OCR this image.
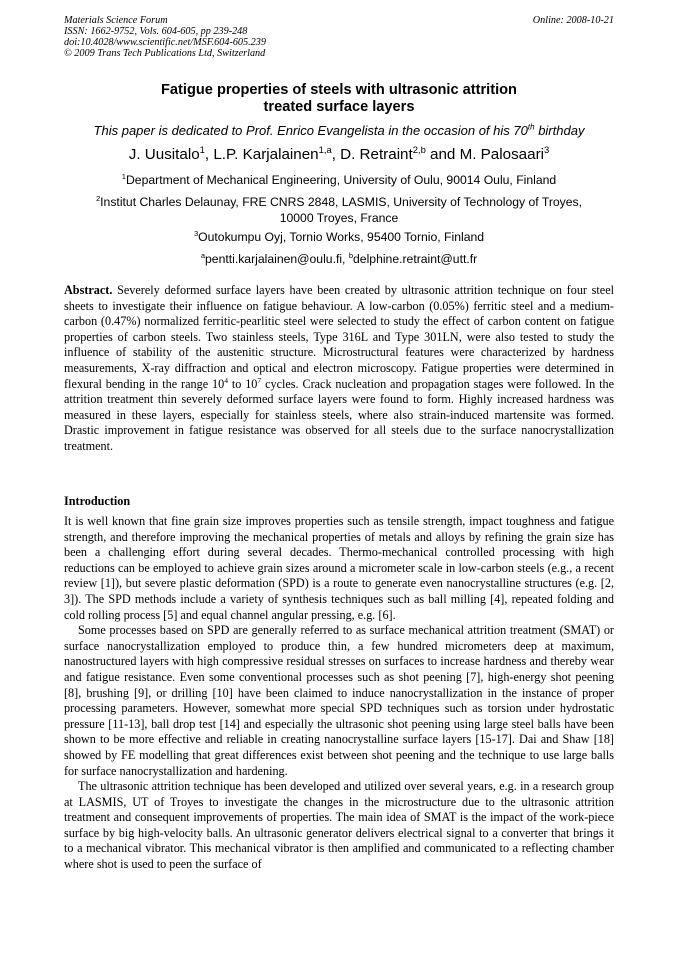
Materials Science Forum
ISSN: 1662-9752, Vols. 604-605, pp 239-248
doi:10.4028/www.scientific.net/MSF.604-605.239
© 2009 Trans Tech Publications Ltd, Switzerland
Online: 2008-10-21
Fatigue properties of steels with ultrasonic attrition
treated surface layers
This paper is dedicated to Prof. Enrico Evangelista in the occasion of his 70th birthday
J. Uusitalo$^1$, L.P. Karjalainen$^{1,a}$, D. Retraint$^{2,b}$ and M. Palosaari$^3$
$^1$Department of Mechanical Engineering, University of Oulu, 90014 Oulu, Finland
$^2$Institut Charles Delaunay, FRE CNRS 2848, LASMIS, University of Technology of Troyes,
10000 Troyes, France
$^3$Outokumpu Oyj, Tornio Works, 95400 Tornio, Finland
$^a$pentti.karjalainen@oulu.fi, $^b$delphine.retraint@utt.fr
Abstract. Severely deformed surface layers have been created by ultrasonic attrition technique on four steel sheets to investigate their influence on fatigue behaviour. A low-carbon (0.05%) ferritic steel and a medium-carbon (0.47%) normalized ferritic-pearlitic steel were selected to study the effect of carbon content on fatigue properties of carbon steels. Two stainless steels, Type 316L and Type 301LN, were also tested to study the influence of stability of the austenitic structure. Microstructural features were characterized by hardness measurements, X-ray diffraction and optical and electron microscopy. Fatigue properties were determined in flexural bending in the range $10^4$ to $10^7$ cycles. Crack nucleation and propagation stages were followed. In the attrition treatment thin severely deformed surface layers were found to form. Highly increased hardness was measured in these layers, especially for stainless steels, where also strain-induced martensite was formed. Drastic improvement in fatigue resistance was observed for all steels due to the surface nanocrystallization treatment.
Introduction

It is well known that fine grain size improves properties such as tensile strength, impact toughness and fatigue strength, and therefore improving the mechanical properties of metals and alloys by refining the grain size has been a challenging effort during several decades. Thermo-mechanical controlled processing with high reductions can be employed to achieve grain sizes around a micrometer scale in low-carbon steels (e.g., a recent review [1]), but severe plastic deformation (SPD) is a route to generate even nanocrystalline structures (e.g. [2, 3]). The SPD methods include a variety of synthesis techniques such as ball milling [4], repeated folding and cold rolling process [5] and equal channel angular pressing, e.g. [6].

Some processes based on SPD are generally referred to as surface mechanical attrition treatment (SMAT) or surface nanocrystallization employed to produce thin, a few hundred micrometers deep at maximum, nanostructured layers with high compressive residual stresses on surfaces to increase hardness and thereby wear and fatigue resistance. Even some conventional processes such as shot peening [7], high-energy shot peening [8], brushing [9], or drilling [10] have been claimed to induce nanocrystallization in the instance of proper processing parameters. However, somewhat more special SPD techniques such as torsion under hydrostatic pressure [11-13], ball drop test [14] and especially the ultrasonic shot peening using large steel balls have been shown to be more effective and reliable in creating nanocrystalline surface layers [15-17]. Dai and Shaw [18] showed by FE modelling that great differences exist between shot peening and the technique to use large balls for surface nanocrystallization and hardening.

The ultrasonic attrition technique has been developed and utilized over several years, e.g. in a research group at LASMIS, UT of Troyes to investigate the changes in the microstructure due to the ultrasonic attrition treatment and consequent improvements of properties. The main idea of SMAT is the impact of the work-piece surface by big high-velocity balls. An ultrasonic generator delivers electrical signal to a converter that brings it to a mechanical vibrator. This mechanical vibrator is then amplified and communicated to a reflecting chamber where shot is used to peen the surface of
